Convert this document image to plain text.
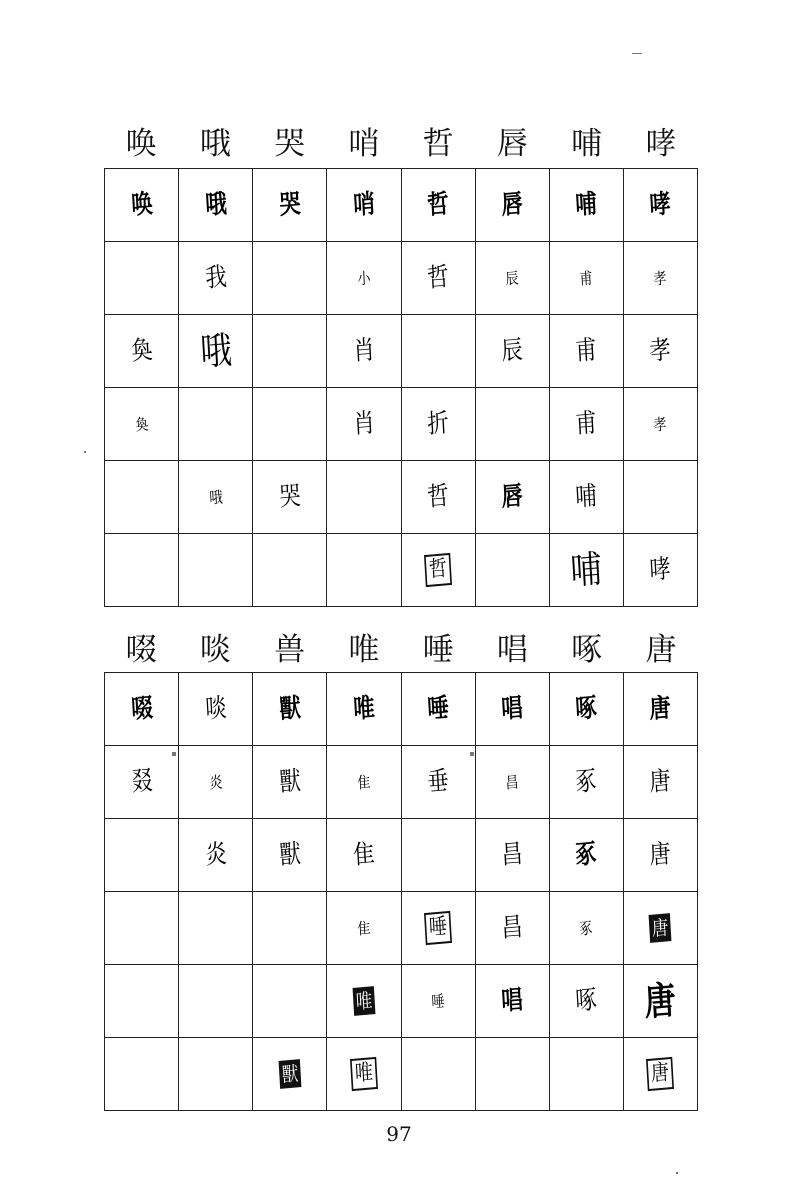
唤	哦	哭	哨	哲	唇	哺	哮
唤	哦	哭	哨	哲	唇	哺	哮
	我		小	哲	辰	甫	孝
奐	哦		肖		辰	甫	孝
奐			肖	折		甫	孝
	哦	哭		哲	唇	哺	
				哲		哺	哮
啜	啖	兽	唯	唾	唱	啄	唐
啜	啖	獸	唯	唾	唱	啄	唐
叕	炎	獸	隹	垂	昌	豖	唐
	炎	獸	隹		昌	豖	唐
			隹	唾	昌	豖	唐
			唯	唾	唱	啄	唐
		獸	唯				唐
97
